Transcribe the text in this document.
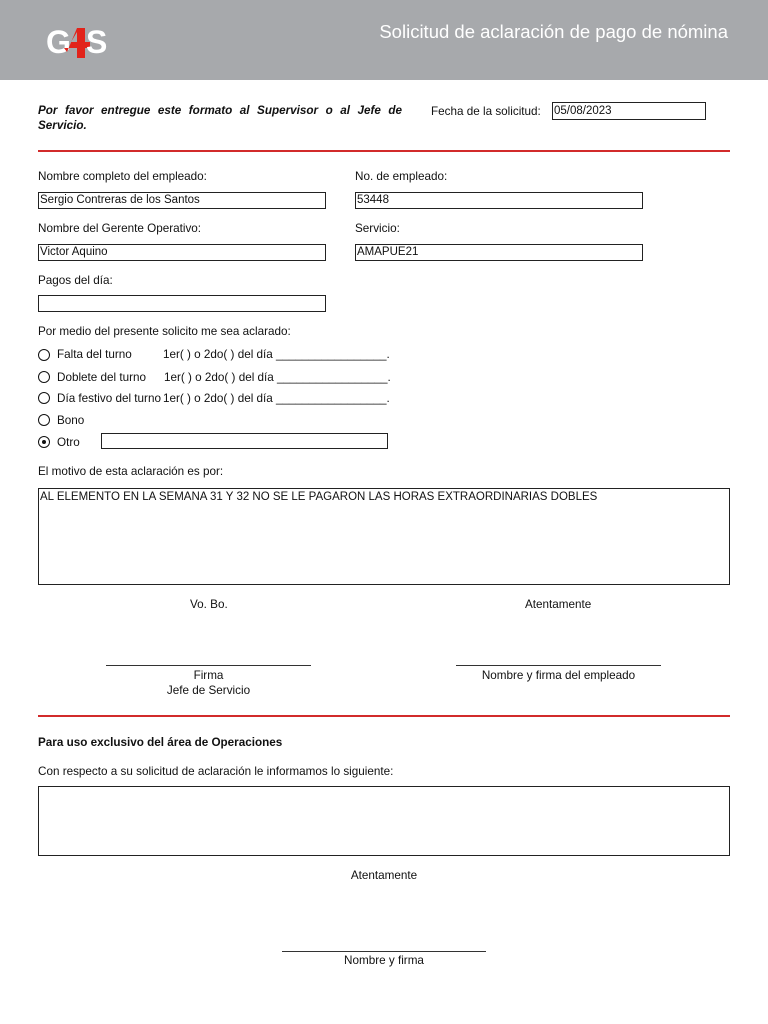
G S	Solicitud de aclaración de pago de nómina
Por favor entregue este formato al Supervisor o al Jefe de Servicio.
Fecha de la solicitud: 05/08/2023
Nombre completo del empleado:
Sergio Contreras de los Santos
No. de empleado:
53448
Nombre del Gerente Operativo:
Victor Aquino
Servicio:
AMAPUE21
Pagos del día:
Por medio del presente solicito me sea aclarado:
Falta del turno	1er( ) o 2do( ) del día _________________.
Doblete del turno 1er( ) o 2do( ) del día _________________.
Día festivo del turno 1er( ) o 2do( ) del día _________________.
Bono
Otro
El motivo de esta aclaración es por:
AL ELEMENTO EN LA SEMANA 31 Y 32 NO SE LE PAGARON LAS HORAS EXTRAORDINARIAS DOBLES
Vo. Bo.	Atentamente
Firma
Jefe de Servicio
Nombre y firma del empleado
Para uso exclusivo del área de Operaciones
Con respecto a su solicitud de aclaración le informamos lo siguiente:
Atentamente
Nombre y firma
